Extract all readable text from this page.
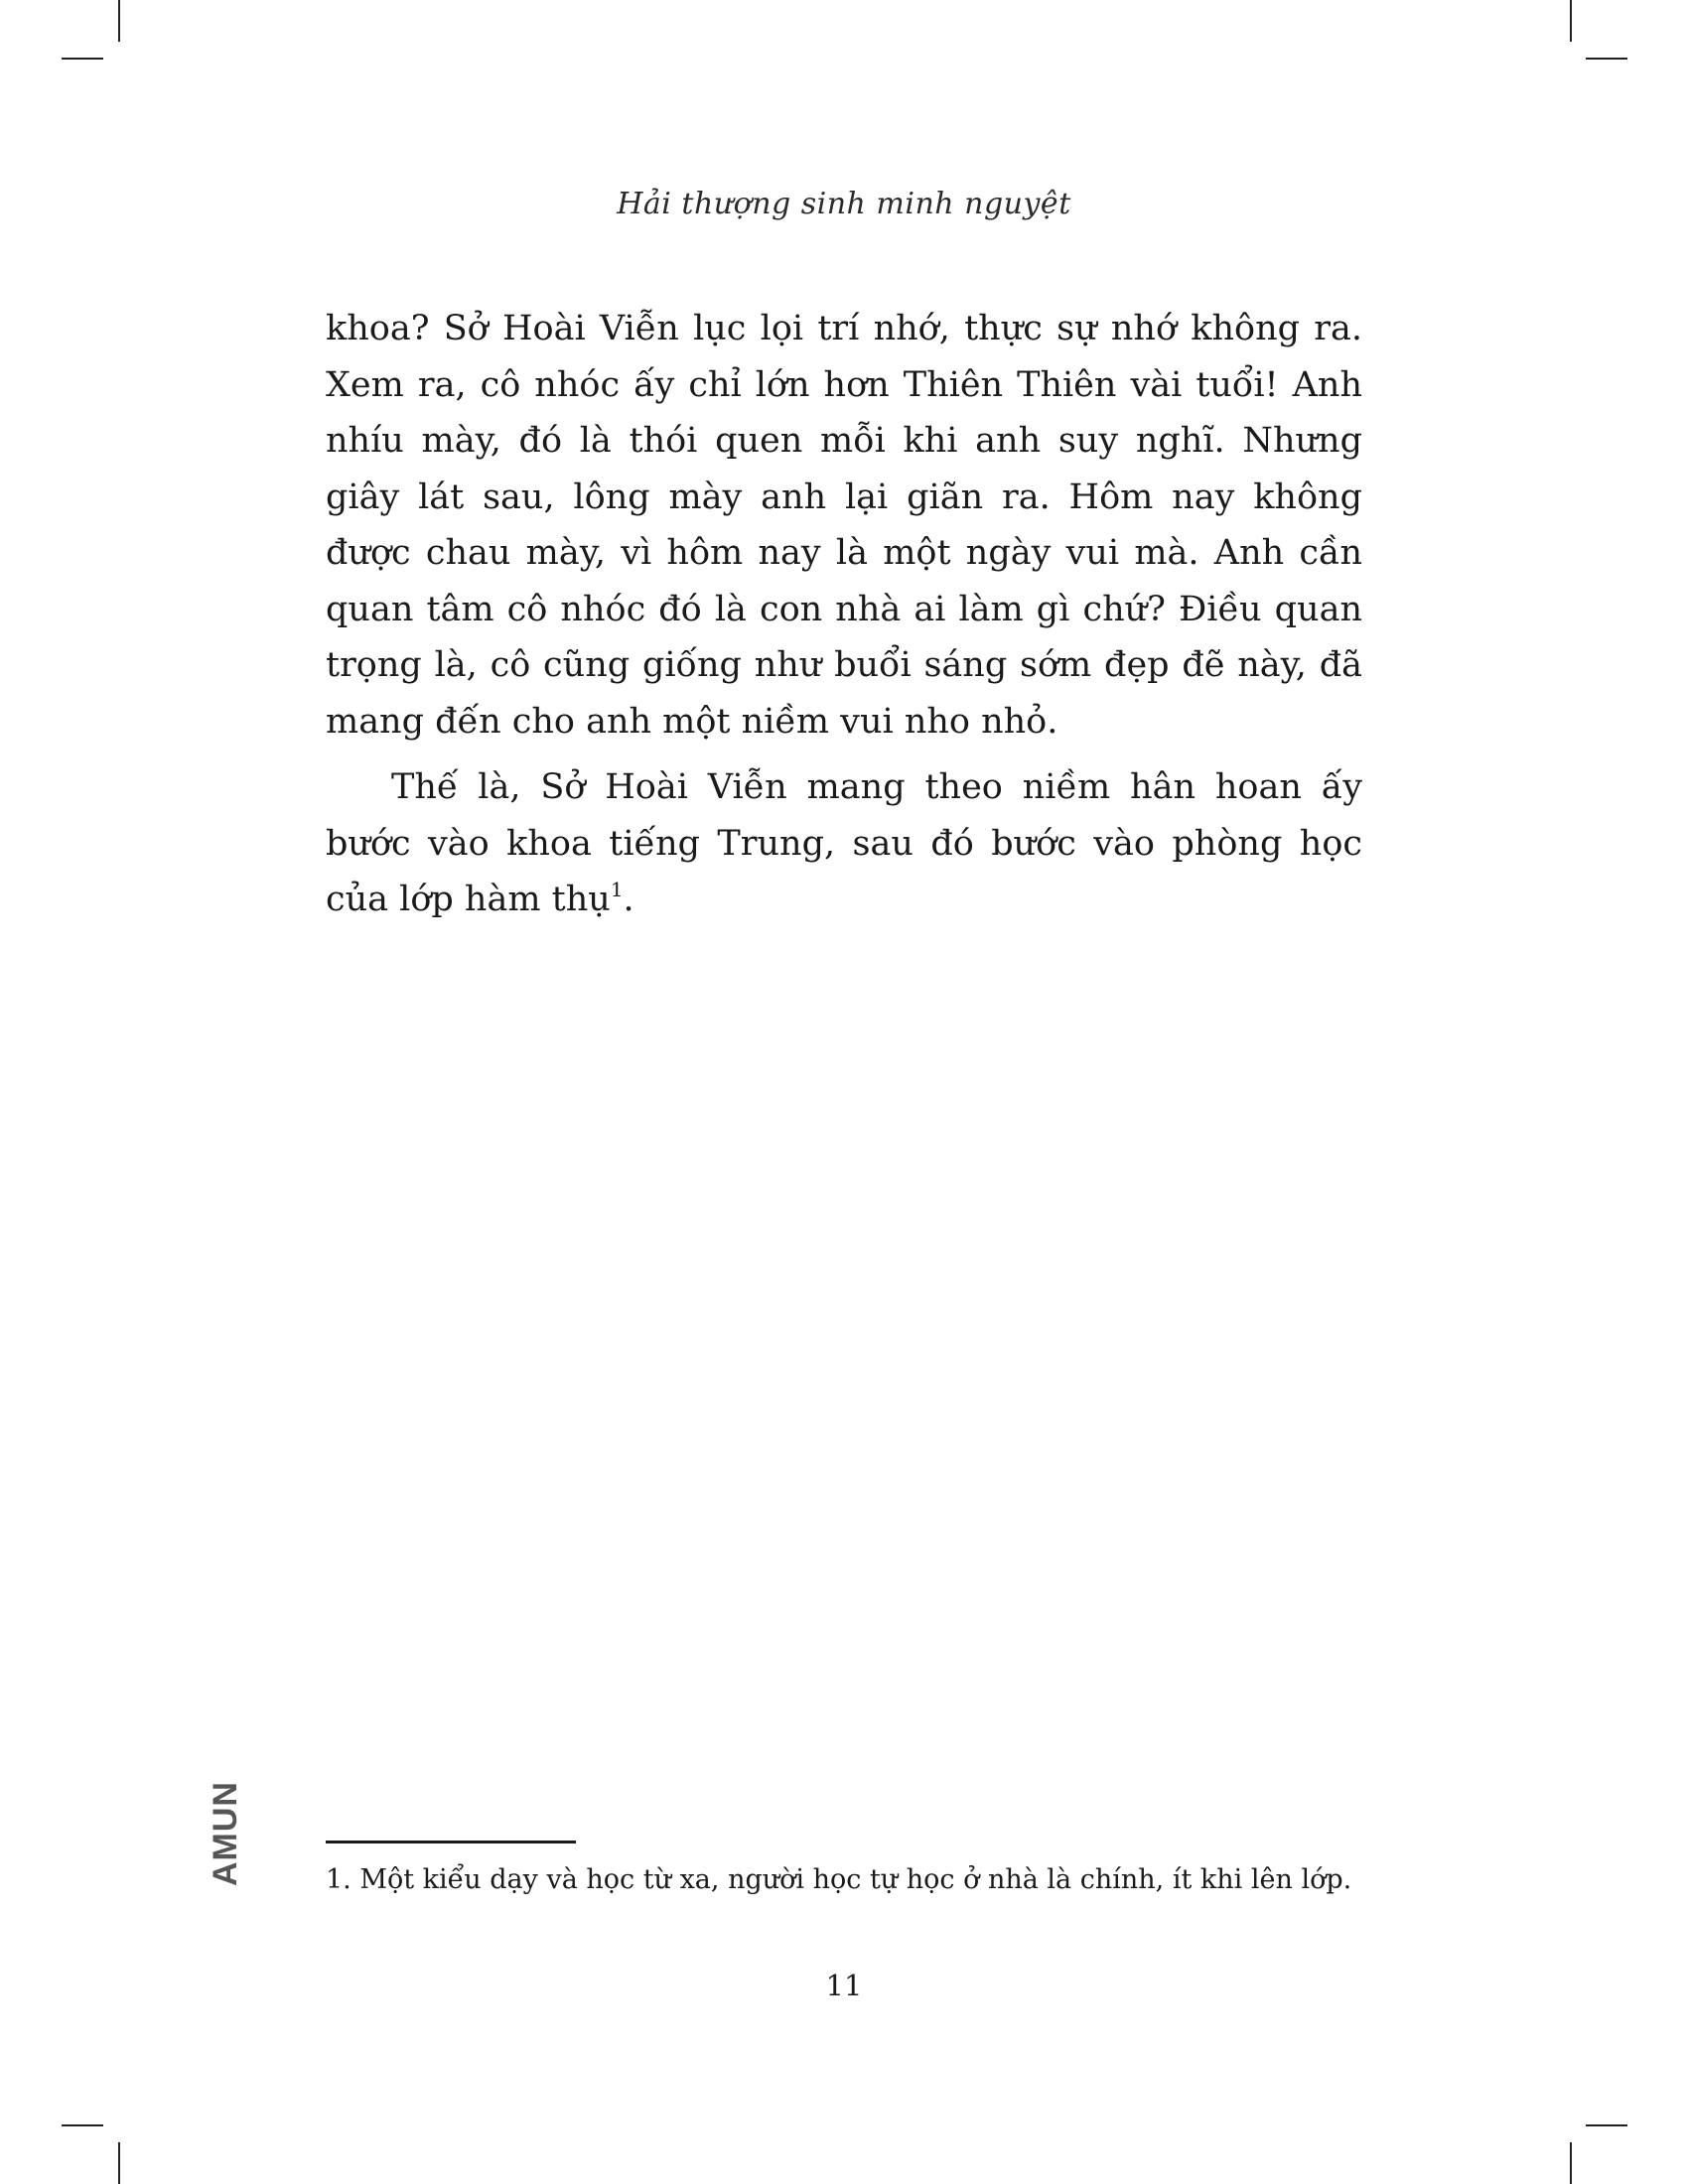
Hải thượng sinh minh nguyệt

khoa? Sở Hoài Viễn lục lọi trí nhớ, thực sự nhớ không ra. Xem ra, cô nhóc ấy chỉ lớn hơn Thiên Thiên vài tuổi! Anh nhíu mày, đó là thói quen mỗi khi anh suy nghĩ. Nhưng giây lát sau, lông mày anh lại giãn ra. Hôm nay không được chau mày, vì hôm nay là một ngày vui mà. Anh cần quan tâm cô nhóc đó là con nhà ai làm gì chứ? Điều quan trọng là, cô cũng giống như buổi sáng sớm đẹp đẽ này, đã mang đến cho anh một niềm vui nho nhỏ.

Thế là, Sở Hoài Viễn mang theo niềm hân hoan ấy bước vào khoa tiếng Trung, sau đó bước vào phòng học của lớp hàm thụ$^1$.

AMUN	1. Một kiểu dạy và học từ xa, người học tự học ở nhà là chính, ít khi lên lớp.
11
